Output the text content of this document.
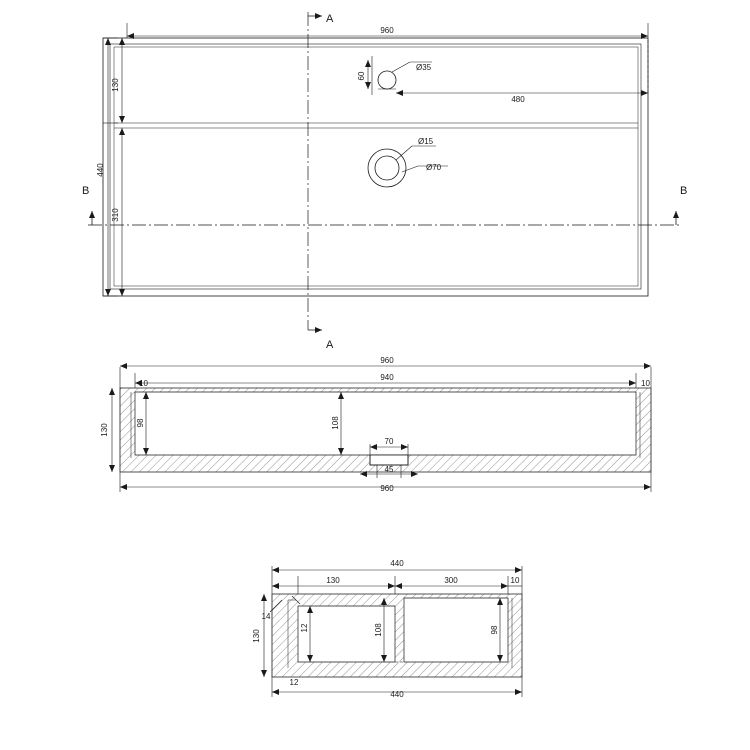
960
440
130
310
60
480
Ø35
Ø15
Ø70
A
A
B	B
960
940
10	10
130
98	108
70
45
960
440
130	300	10
130
14
12	108	98
12
440
